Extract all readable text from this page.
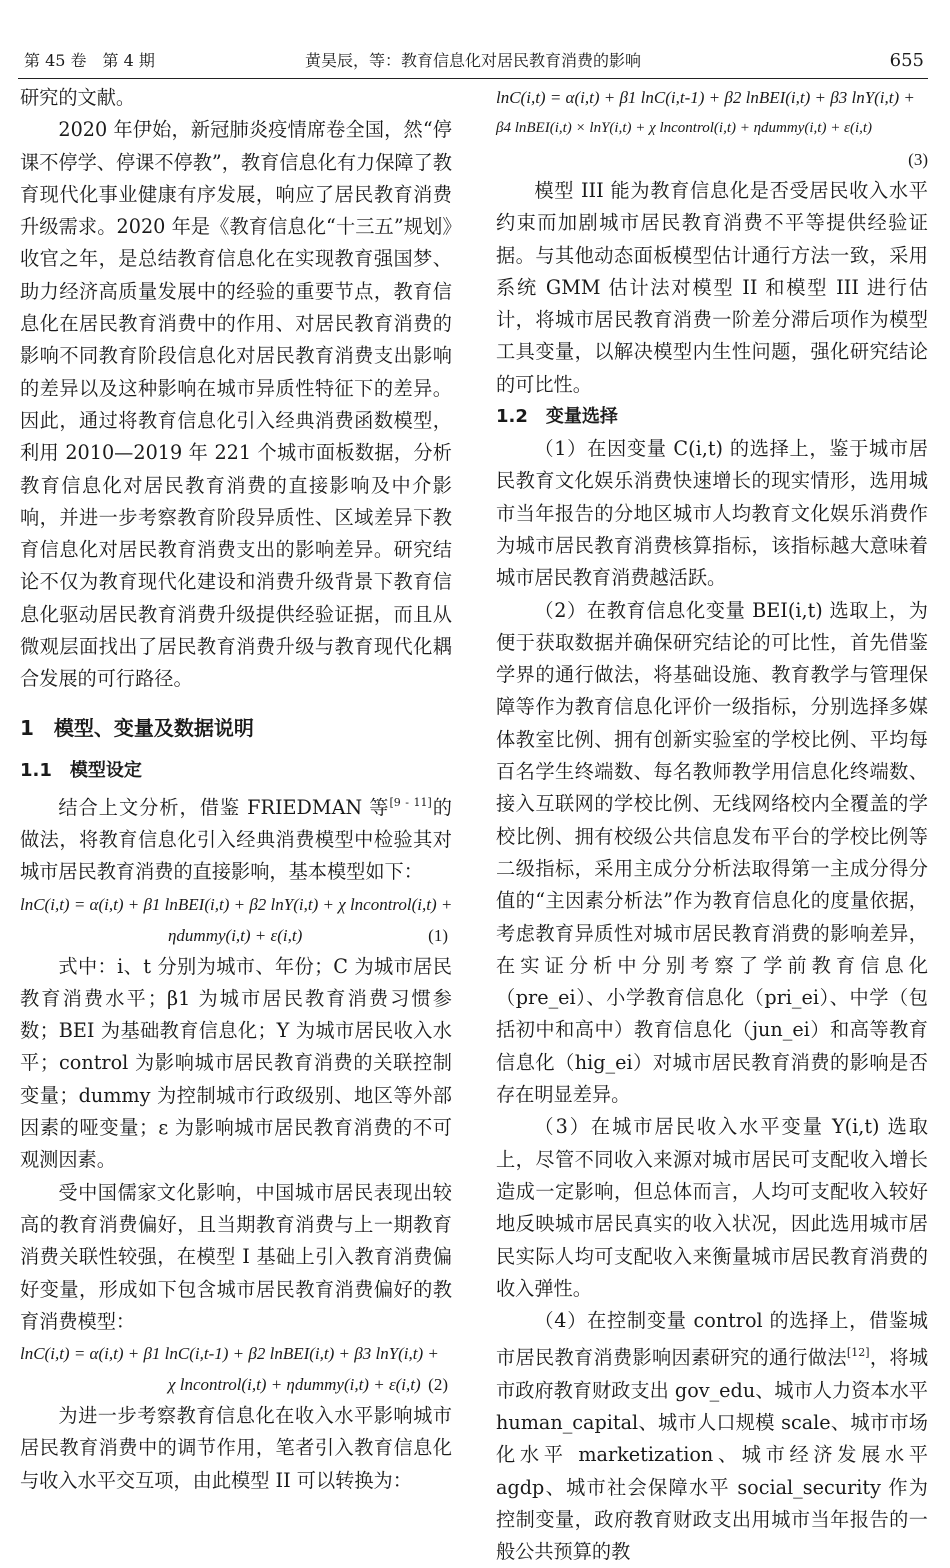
第 45 卷　第 4 期	黄昊辰，等：教育信息化对居民教育消费的影响	655

研究的文献。

2020 年伊始，新冠肺炎疫情席卷全国，然“停课不停学、停课不停教”，教育信息化有力保障了教育现代化事业健康有序发展，响应了居民教育消费升级需求。2020 年是《教育信息化“十三五”规划》收官之年，是总结教育信息化在实现教育强国梦、助力经济高质量发展中的经验的重要节点，教育信息化在居民教育消费中的作用、对居民教育消费的影响不同教育阶段信息化对居民教育消费支出影响的差异以及这种影响在城市异质性特征下的差异。因此，通过将教育信息化引入经典消费函数模型，利用 2010—2019 年 221 个城市面板数据，分析教育信息化对居民教育消费的直接影响及中介影响，并进一步考察教育阶段异质性、区域差异下教育信息化对居民教育消费支出的影响差异。研究结论不仅为教育现代化建设和消费升级背景下教育信息化驱动居民教育消费升级提供经验证据，而且从微观层面找出了居民教育消费升级与教育现代化耦合发展的可行路径。

1　模型、变量及数据说明
1.1　模型设定

结合上文分析，借鉴 FRIEDMAN 等[9 - 11]的做法，将教育信息化引入经典消费模型中检验其对城市居民教育消费的直接影响，基本模型如下：

lnC(i,t) = α(i,t) + β1 lnBEI(i,t) + β2 lnY(i,t) + χ lncontrol(i,t) +
ηdummy(i,t) + ε(i,t)	(1)

式中：i、t 分别为城市、年份；C 为城市居民教育消费水平；β1 为城市居民教育消费习惯参数；BEI 为基础教育信息化；Y 为城市居民收入水平；control 为影响城市居民教育消费的关联控制变量；dummy 为控制城市行政级别、地区等外部因素的哑变量；ε 为影响城市居民教育消费的不可观测因素。

受中国儒家文化影响，中国城市居民表现出较高的教育消费偏好，且当期教育消费与上一期教育消费关联性较强，在模型 I 基础上引入教育消费偏好变量，形成如下包含城市居民教育消费偏好的教育消费模型：

lnC(i,t) = α(i,t) + β1 lnC(i,t-1) + β2 lnBEI(i,t) + β3 lnY(i,t) +
χ lncontrol(i,t) + ηdummy(i,t) + ε(i,t) (2)

为进一步考察教育信息化在收入水平影响城市居民教育消费中的调节作用，笔者引入教育信息化与收入水平交互项，由此模型 II 可以转换为：

lnC(i,t) = α(i,t) + β1 lnC(i,t-1) + β2 lnBEI(i,t) + β3 lnY(i,t) +
β4 lnBEI(i,t) × lnY(i,t) + χ lncontrol(i,t) + ηdummy(i,t) + ε(i,t)
(3)

模型 III 能为教育信息化是否受居民收入水平约束而加剧城市居民教育消费不平等提供经验证据。与其他动态面板模型估计通行方法一致，采用系统 GMM 估计法对模型 II 和模型 III 进行估计，将城市居民教育消费一阶差分滞后项作为模型工具变量，以解决模型内生性问题，强化研究结论的可比性。

1.2　变量选择

（1）在因变量 C(i,t) 的选择上，鉴于城市居民教育文化娱乐消费快速增长的现实情形，选用城市当年报告的分地区城市人均教育文化娱乐消费作为城市居民教育消费核算指标，该指标越大意味着城市居民教育消费越活跃。

（2）在教育信息化变量 BEI(i,t) 选取上，为便于获取数据并确保研究结论的可比性，首先借鉴学界的通行做法，将基础设施、教育教学与管理保障等作为教育信息化评价一级指标，分别选择多媒体教室比例、拥有创新实验室的学校比例、平均每百名学生终端数、每名教师教学用信息化终端数、接入互联网的学校比例、无线网络校内全覆盖的学校比例、拥有校级公共信息发布平台的学校比例等二级指标，采用主成分分析法取得第一主成分得分值的“主因素分析法”作为教育信息化的度量依据，考虑教育异质性对城市居民教育消费的影响差异，在实证分析中分别考察了学前教育信息化（pre_ei）、小学教育信息化（pri_ei）、中学（包括初中和高中）教育信息化（jun_ei）和高等教育信息化（hig_ei）对城市居民教育消费的影响是否存在明显差异。

（3）在城市居民收入水平变量 Y(i,t) 选取上，尽管不同收入来源对城市居民可支配收入增长造成一定影响，但总体而言，人均可支配收入较好地反映城市居民真实的收入状况，因此选用城市居民实际人均可支配收入来衡量城市居民教育消费的收入弹性。

（4）在控制变量 control 的选择上，借鉴城市居民教育消费影响因素研究的通行做法[12]，将城市政府教育财政支出 gov_edu、城市人力资本水平 human_capital、城市人口规模 scale、城市市场化水平 marketization、城市经济发展水平 agdp、城市社会保障水平 social_security 作为控制变量，政府教育财政支出用城市当年报告的一般公共预算的教
